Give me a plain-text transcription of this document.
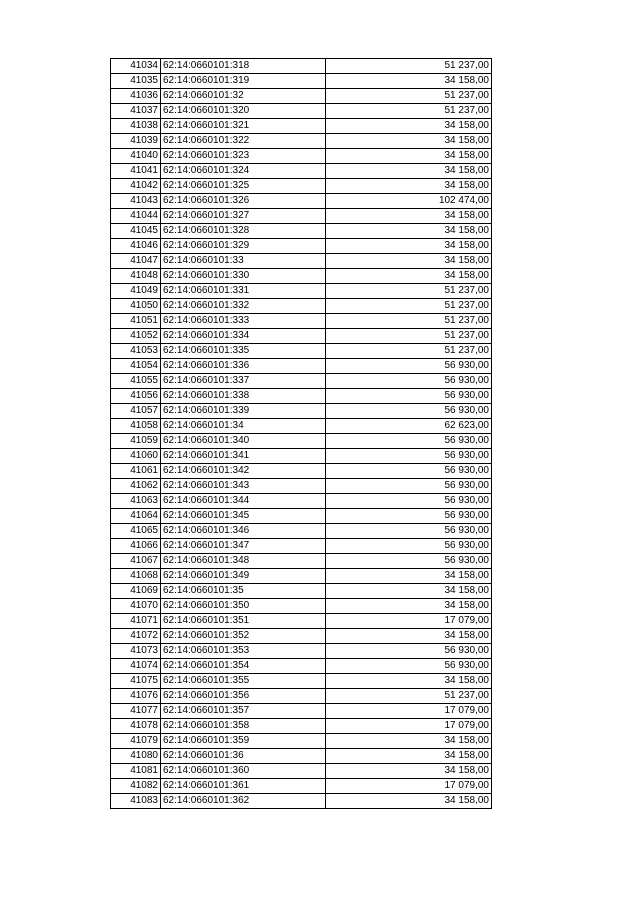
41034	62:14:0660101:318	51 237,00
41035	62:14:0660101:319	34 158,00
41036	62:14:0660101:32	51 237,00
41037	62:14:0660101:320	51 237,00
41038	62:14:0660101:321	34 158,00
41039	62:14:0660101:322	34 158,00
41040	62:14:0660101:323	34 158,00
41041	62:14:0660101:324	34 158,00
41042	62:14:0660101:325	34 158,00
41043	62:14:0660101:326	102 474,00
41044	62:14:0660101:327	34 158,00
41045	62:14:0660101:328	34 158,00
41046	62:14:0660101:329	34 158,00
41047	62:14:0660101:33	34 158,00
41048	62:14:0660101:330	34 158,00
41049	62:14:0660101:331	51 237,00
41050	62:14:0660101:332	51 237,00
41051	62:14:0660101:333	51 237,00
41052	62:14:0660101:334	51 237,00
41053	62:14:0660101:335	51 237,00
41054	62:14:0660101:336	56 930,00
41055	62:14:0660101:337	56 930,00
41056	62:14:0660101:338	56 930,00
41057	62:14:0660101:339	56 930,00
41058	62:14:0660101:34	62 623,00
41059	62:14:0660101:340	56 930,00
41060	62:14:0660101:341	56 930,00
41061	62:14:0660101:342	56 930,00
41062	62:14:0660101:343	56 930,00
41063	62:14:0660101:344	56 930,00
41064	62:14:0660101:345	56 930,00
41065	62:14:0660101:346	56 930,00
41066	62:14:0660101:347	56 930,00
41067	62:14:0660101:348	56 930,00
41068	62:14:0660101:349	34 158,00
41069	62:14:0660101:35	34 158,00
41070	62:14:0660101:350	34 158,00
41071	62:14:0660101:351	17 079,00
41072	62:14:0660101:352	34 158,00
41073	62:14:0660101:353	56 930,00
41074	62:14:0660101:354	56 930,00
41075	62:14:0660101:355	34 158,00
41076	62:14:0660101:356	51 237,00
41077	62:14:0660101:357	17 079,00
41078	62:14:0660101:358	17 079,00
41079	62:14:0660101:359	34 158,00
41080	62:14:0660101:36	34 158,00
41081	62:14:0660101:360	34 158,00
41082	62:14:0660101:361	17 079,00
41083	62:14:0660101:362	34 158,00
